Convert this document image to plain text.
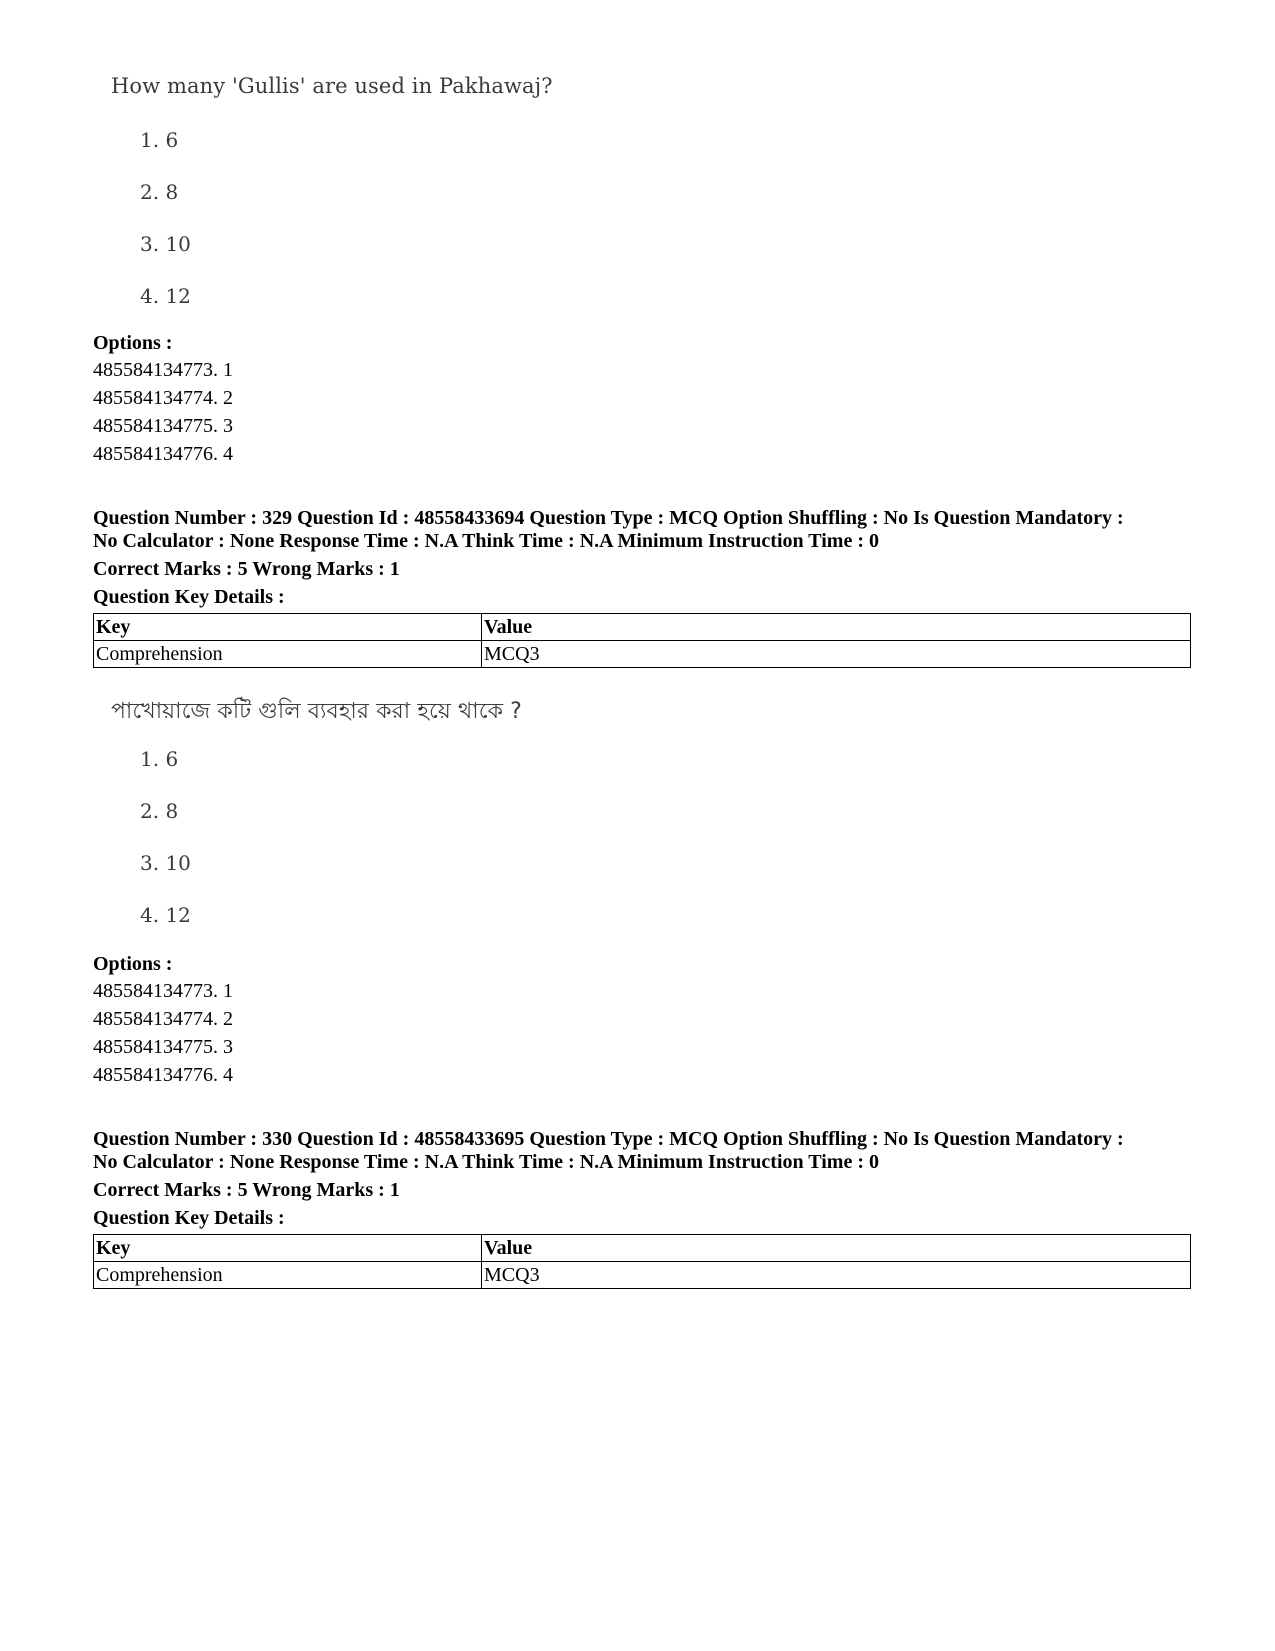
How many 'Gullis' are used in Pakhawaj?
1. 6
2. 8
3. 10
4. 12
Options :
485584134773. 1
485584134774. 2
485584134775. 3
485584134776. 4
Question Number : 329 Question Id : 48558433694 Question Type : MCQ Option Shuffling : No Is Question Mandatory :
No Calculator : None Response Time : N.A Think Time : N.A Minimum Instruction Time : 0
Correct Marks : 5 Wrong Marks : 1
Question Key Details :
Key	Value
Comprehension	MCQ3
পাখোয়াজে কটি গুলি ব্যবহার করা হয়ে থাকে ?
1. 6
2. 8
3. 10
4. 12
Options :
485584134773. 1
485584134774. 2
485584134775. 3
485584134776. 4
Question Number : 330 Question Id : 48558433695 Question Type : MCQ Option Shuffling : No Is Question Mandatory :
No Calculator : None Response Time : N.A Think Time : N.A Minimum Instruction Time : 0
Correct Marks : 5 Wrong Marks : 1
Question Key Details :
Key	Value
Comprehension	MCQ3
